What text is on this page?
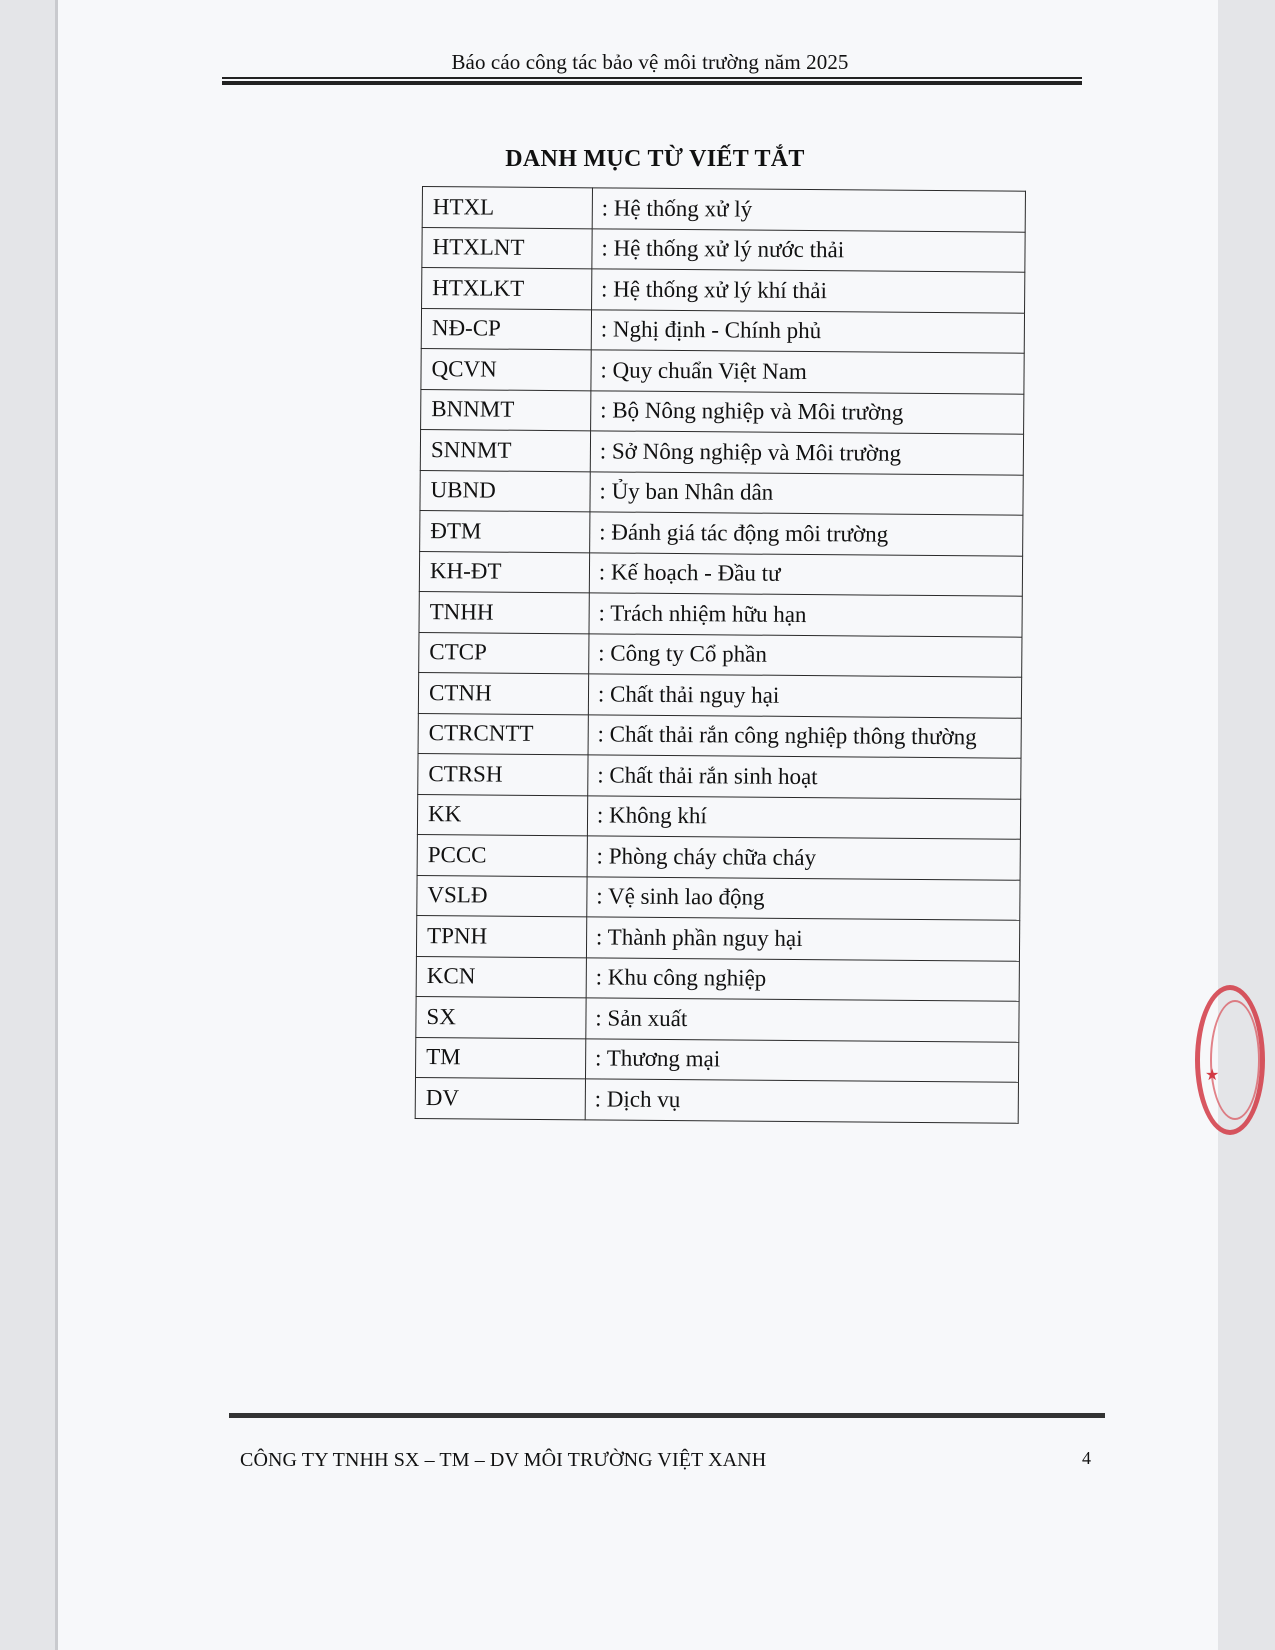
Báo cáo công tác bảo vệ môi trường năm 2025
DANH MỤC TỪ VIẾT TẮT
HTXL	: Hệ thống xử lý
HTXLNT	: Hệ thống xử lý nước thải
HTXLKT	: Hệ thống xử lý khí thải
NĐ-CP	: Nghị định - Chính phủ
QCVN	: Quy chuẩn Việt Nam
BNNMT	: Bộ Nông nghiệp và Môi trường
SNNMT	: Sở Nông nghiệp và Môi trường
UBND	: Ủy ban Nhân dân
ĐTM	: Đánh giá tác động môi trường
KH-ĐT	: Kế hoạch - Đầu tư
TNHH	: Trách nhiệm hữu hạn
CTCP	: Công ty Cổ phần
CTNH	: Chất thải nguy hại
CTRCNTT	: Chất thải rắn công nghiệp thông thường
CTRSH	: Chất thải rắn sinh hoạt
KK	: Không khí
PCCC	: Phòng cháy chữa cháy
VSLĐ	: Vệ sinh lao động
TPNH	: Thành phần nguy hại
KCN	: Khu công nghiệp
SX	: Sản xuất
TM	: Thương mại
DV	: Dịch vụ
★
CÔNG TY TNHH SX – TM – DV MÔI TRƯỜNG VIỆT XANH	4
